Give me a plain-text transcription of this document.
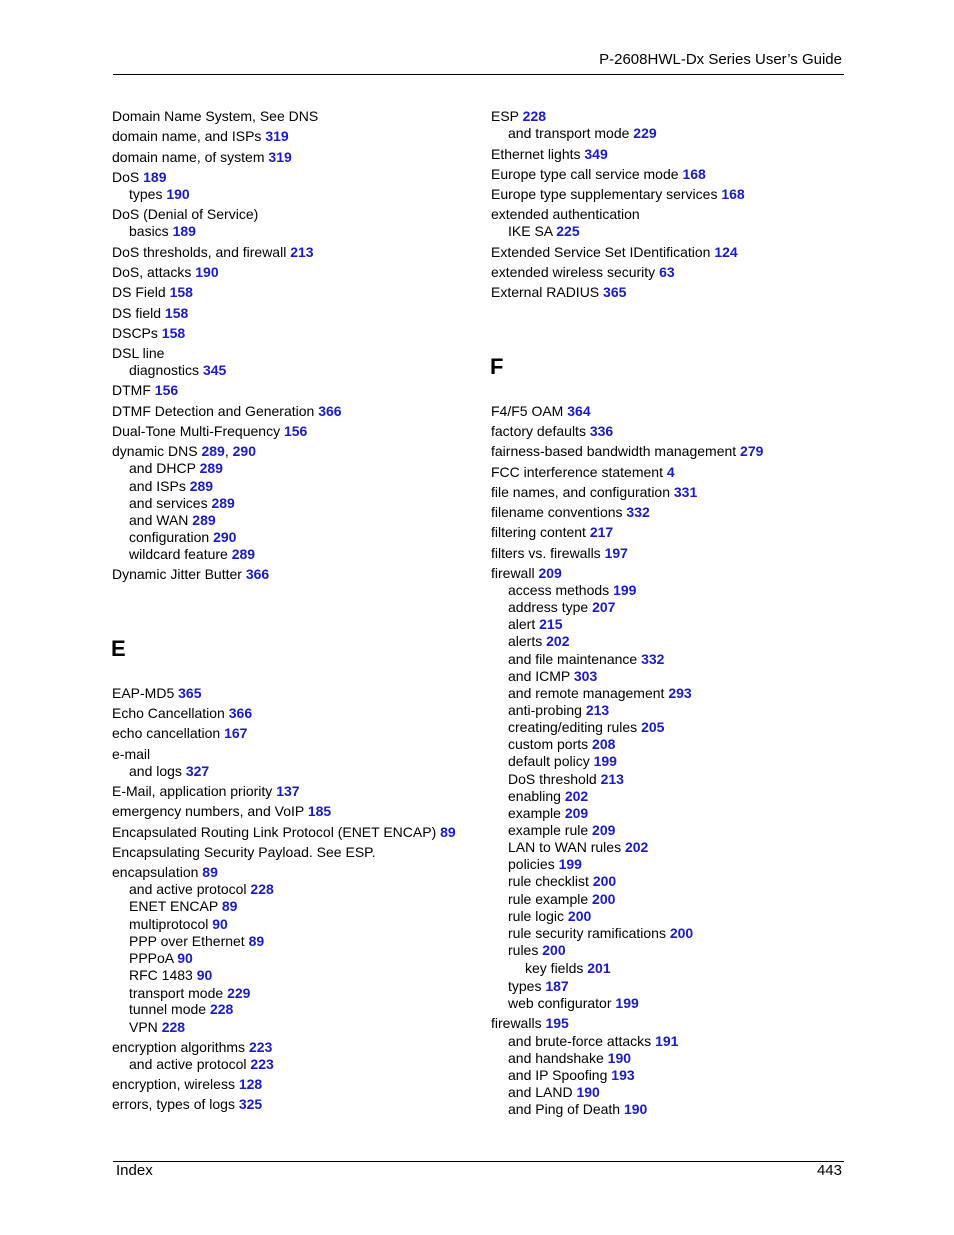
P-2608HWL-Dx Series User’s Guide
E
F
Domain Name System, See DNS
domain name, and ISPs 319
domain name, of system 319
DoS 189
types 190
DoS (Denial of Service)
basics 189
DoS thresholds, and firewall 213
DoS, attacks 190
DS Field 158
DS field 158
DSCPs 158
DSL line
diagnostics 345
DTMF 156
DTMF Detection and Generation 366
Dual-Tone Multi-Frequency 156
dynamic DNS 289, 290
and DHCP 289
and ISPs 289
and services 289
and WAN 289
configuration 290
wildcard feature 289
Dynamic Jitter Butter 366
EAP-MD5 365
Echo Cancellation 366
echo cancellation 167
e-mail
and logs 327
E-Mail, application priority 137
emergency numbers, and VoIP 185
Encapsulated Routing Link Protocol (ENET ENCAP) 89
Encapsulating Security Payload. See ESP.
encapsulation 89
and active protocol 228
ENET ENCAP 89
multiprotocol 90
PPP over Ethernet 89
PPPoA 90
RFC 1483 90
transport mode 229
tunnel mode 228
VPN 228
encryption algorithms 223
and active protocol 223
encryption, wireless 128
errors, types of logs 325
ESP 228
and transport mode 229
Ethernet lights 349
Europe type call service mode 168
Europe type supplementary services 168
extended authentication
IKE SA 225
Extended Service Set IDentification 124
extended wireless security 63
External RADIUS 365
F4/F5 OAM 364
factory defaults 336
fairness-based bandwidth management 279
FCC interference statement 4
file names, and configuration 331
filename conventions 332
filtering content 217
filters vs. firewalls 197
firewall 209
access methods 199
address type 207
alert 215
alerts 202
and file maintenance 332
and ICMP 303
and remote management 293
anti-probing 213
creating/editing rules 205
custom ports 208
default policy 199
DoS threshold 213
enabling 202
example 209
example rule 209
LAN to WAN rules 202
policies 199
rule checklist 200
rule example 200
rule logic 200
rule security ramifications 200
rules 200
key fields 201
types 187
web configurator 199
firewalls 195
and brute-force attacks 191
and handshake 190
and IP Spoofing 193
and LAND 190
and Ping of Death 190
Index	443
